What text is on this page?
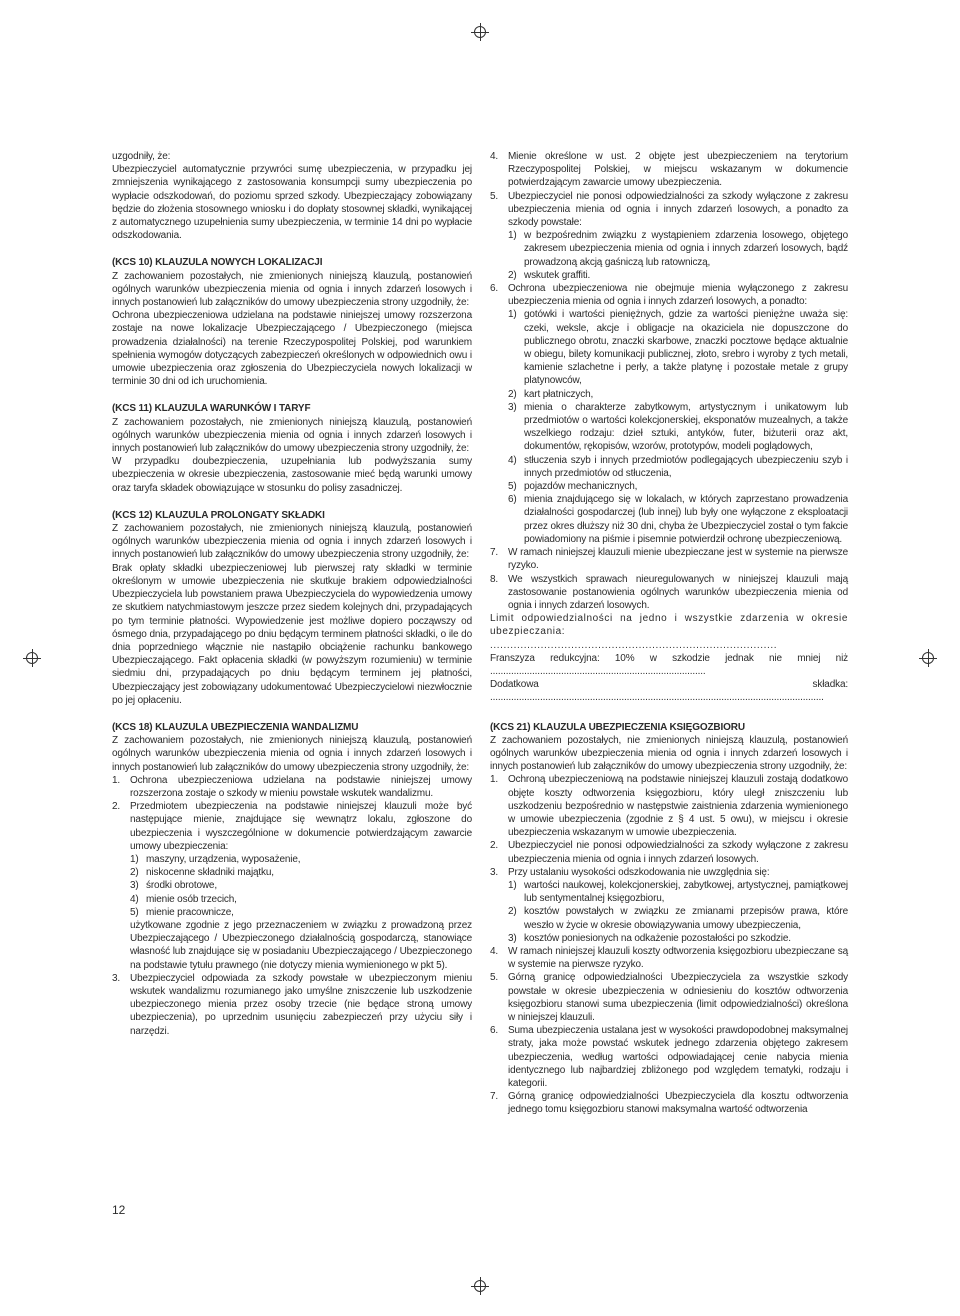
uzgodniły, że:

Ubezpieczyciel automatycznie przywróci sumę ubezpieczenia, w przypadku jej zmniejszenia wynikającego z zastosowania konsumpcji sumy ubezpieczenia po wypłacie odszkodowań, do poziomu sprzed szkody. Ubezpieczający zobowiązany będzie do złożenia stosownego wniosku i do dopłaty stosownej składki, wynikającej z automatycznego uzupełnienia sumy ubezpieczenia, w terminie 14 dni po wypłacie odszkodowania.

(KCS 10) KLAUZULA NOWYCH LOKALIZACJI

Z zachowaniem pozostałych, nie zmienionych niniejszą klauzulą, postanowień ogólnych warunków ubezpieczenia mienia od ognia i innych zdarzeń losowych i innych postanowień lub załączników do umowy ubezpieczenia strony uzgodniły, że:

Ochrona ubezpieczeniowa udzielana na podstawie niniejszej umowy rozszerzona zostaje na nowe lokalizacje Ubezpieczającego / Ubezpieczonego (miejsca prowadzenia działalności) na terenie Rzeczypospolitej Polskiej, pod warunkiem spełnienia wymogów dotyczących zabezpieczeń określonych w odpowiednich owu i umowie ubezpieczenia oraz zgłoszenia do Ubezpieczyciela nowych lokalizacji w terminie 30 dni od ich uruchomienia.

(KCS 11) KLAUZULA WARUNKÓW I TARYF

Z zachowaniem pozostałych, nie zmienionych niniejszą klauzulą, postanowień ogólnych warunków ubezpieczenia mienia od ognia i innych zdarzeń losowych i innych postanowień lub załączników do umowy ubezpieczenia strony uzgodniły, że:

W przypadku doubezpieczenia, uzupełniania lub podwyższania sumy ubezpieczenia w okresie ubezpieczenia, zastosowanie mieć będą warunki umowy oraz taryfa składek obowiązujące w stosunku do polisy zasadniczej.

(KCS 12) KLAUZULA PROLONGATY SKŁADKI

Z zachowaniem pozostałych, nie zmienionych niniejszą klauzulą, postanowień ogólnych warunków ubezpieczenia mienia od ognia i innych zdarzeń losowych i innych postanowień lub załączników do umowy ubezpieczenia strony uzgodniły, że:

Brak opłaty składki ubezpieczeniowej lub pierwszej raty składki w terminie określonym w umowie ubezpieczenia nie skutkuje brakiem odpowiedzialności Ubezpieczyciela lub powstaniem prawa Ubezpieczyciela do wypowiedzenia umowy ze skutkiem natychmiastowym jeszcze przez siedem kolejnych dni, przypadających po tym terminie płatności. Wypowiedzenie jest możliwe dopiero począwszy od ósmego dnia, przypadającego po dniu będącym terminem płatności składki, o ile do dnia poprzedniego włącznie nie nastąpiło obciążenie rachunku bankowego Ubezpieczającego. Fakt opłacenia składki (w powyższym rozumieniu) w terminie siedmiu dni, przypadających po dniu będącym terminem jej płatności, Ubezpieczający jest zobowiązany udokumentować Ubezpieczycielowi niezwłocznie po jej opłaceniu.

(KCS 18) KLAUZULA UBEZPIECZENIA WANDALIZMU

Z zachowaniem pozostałych, nie zmienionych niniejszą klauzulą, postanowień ogólnych warunków ubezpieczenia mienia od ognia i innych zdarzeń losowych i innych postanowień lub załączników do umowy ubezpieczenia strony uzgodniły, że:

1. Ochrona ubezpieczeniowa udzielana na podstawie niniejszej umowy rozszerzona zostaje o szkody w mieniu powstałe wskutek wandalizmu.
2. Przedmiotem ubezpieczenia na podstawie niniejszej klauzuli może być następujące mienie, znajdujące się wewnątrz lokalu, zgłoszone do ubezpieczenia i wyszczególnione w dokumencie potwierdzającym zawarcie umowy ubezpieczenia:
1) maszyny, urządzenia, wyposażenie,
2) niskocenne składniki majątku,
3) środki obrotowe,
4) mienie osób trzecich,
5) mienie pracownicze,
użytkowane zgodnie z jego przeznaczeniem w związku z prowadzoną przez Ubezpieczającego / Ubezpieczonego działalnością gospodarczą, stanowiące własność lub znajdujące się w posiadaniu Ubezpieczającego / Ubezpieczonego na podstawie tytułu prawnego (nie dotyczy mienia wymienionego w pkt 5).
3. Ubezpieczyciel odpowiada za szkody powstałe w ubezpieczonym mieniu wskutek wandalizmu rozumianego jako umyślne zniszczenie lub uszkodzenie ubezpieczonego mienia przez osoby trzecie (nie będące stroną umowy ubezpieczenia), po uprzednim usunięciu zabezpieczeń przy użyciu siły i narzędzi.
4. Mienie określone w ust. 2 objęte jest ubezpieczeniem na terytorium Rzeczypospolitej Polskiej, w miejscu wskazanym w dokumencie potwierdzającym zawarcie umowy ubezpieczenia.
5. Ubezpieczyciel nie ponosi odpowiedzialności za szkody wyłączone z zakresu ubezpieczenia mienia od ognia i innych zdarzeń losowych, a ponadto za szkody powstałe:
1) w bezpośrednim związku z wystąpieniem zdarzenia losowego, objętego zakresem ubezpieczenia mienia od ognia i innych zdarzeń losowych, bądź prowadzoną akcją gaśniczą lub ratowniczą,
2) wskutek graffiti.
6. Ochrona ubezpieczeniowa nie obejmuje mienia wyłączonego z zakresu ubezpieczenia mienia od ognia i innych zdarzeń losowych, a ponadto:
1) gotówki i wartości pieniężnych, gdzie za wartości pieniężne uważa się: czeki, weksle, akcje i obligacje na okaziciela nie dopuszczone do publicznego obrotu, znaczki skarbowe, znaczki pocztowe będące aktualnie w obiegu, bilety komunikacji publicznej, złoto, srebro i wyroby z tych metali, kamienie szlachetne i perły, a także platynę i pozostałe metale z grupy platynowców,
2) kart płatniczych,
3) mienia o charakterze zabytkowym, artystycznym i unikatowym lub przedmiotów o wartości kolekcjonerskiej, eksponatów muzealnych, a także wszelkiego rodzaju: dzieł sztuki, antyków, futer, biżuterii oraz akt, dokumentów, rękopisów, wzorów, prototypów, modeli poglądowych,
4) stłuczenia szyb i innych przedmiotów podlegających ubezpieczeniu szyb i innych przedmiotów od stłuczenia,
5) pojazdów mechanicznych,
6) mienia znajdującego się w lokalach, w których zaprzestano prowadzenia działalności gospodarczej (lub innej) lub były one wyłączone z eksploatacji przez okres dłuższy niż 30 dni, chyba że Ubezpieczyciel został o tym fakcie powiadomiony na piśmie i pisemnie potwierdził ochronę ubezpieczeniową.
7. W ramach niniejszej klauzuli mienie ubezpieczane jest w systemie na pierwsze ryzyko.
8. We wszystkich sprawach nieuregulowanych w niniejszej klauzuli mają zastosowanie postanowienia ogólnych warunków ubezpieczenia mienia od ognia i innych zdarzeń losowych.

Limit odpowiedzialności na jedno i wszystkie zdarzenia w okresie ubezpieczania: .....................................................................................

Franszyza redukcyjna: 10% w szkodzie jednak nie mniej niż ..................................................................................

Dodatkowa składka: ...............................................................................................................................

(KCS 21) KLAUZULA UBEZPIECZENIA KSIĘGOZBIORU

Z zachowaniem pozostałych, nie zmienionych niniejszą klauzulą, postanowień ogólnych warunków ubezpieczenia mienia od ognia i innych zdarzeń losowych i innych postanowień lub załączników do umowy ubezpieczenia strony uzgodniły, że:

1. Ochroną ubezpieczeniową na podstawie niniejszej klauzuli zostają dodatkowo objęte koszty odtworzenia księgozbioru, który uległ zniszczeniu lub uszkodzeniu bezpośrednio w następstwie zaistnienia zdarzenia wymienionego w umowie ubezpieczenia (zgodnie z § 4 ust. 5 owu), w miejscu i okresie ubezpieczenia wskazanym w umowie ubezpieczenia.
2. Ubezpieczyciel nie ponosi odpowiedzialności za szkody wyłączone z zakresu ubezpieczenia mienia od ognia i innych zdarzeń losowych.
3. Przy ustalaniu wysokości odszkodowania nie uwzględnia się:
1) wartości naukowej, kolekcjonerskiej, zabytkowej, artystycznej, pamiątkowej lub sentymentalnej księgozbioru,
2) kosztów powstałych w związku ze zmianami przepisów prawa, które weszło w życie w okresie obowiązywania umowy ubezpieczenia,
3) kosztów poniesionych na odkażenie pozostałości po szkodzie.
4. W ramach niniejszej klauzuli koszty odtworzenia księgozbioru ubezpieczane są w systemie na pierwsze ryzyko.
5. Górną granicę odpowiedzialności Ubezpieczyciela za wszystkie szkody powstałe w okresie ubezpieczenia w odniesieniu do kosztów odtworzenia księgozbioru stanowi suma ubezpieczenia (limit odpowiedzialności) określona w niniejszej klauzuli.
6. Suma ubezpieczenia ustalana jest w wysokości prawdopodobnej maksymalnej straty, jaka może powstać wskutek jednego zdarzenia objętego zakresem ubezpieczenia, według wartości odpowiadającej cenie nabycia mienia identycznego lub najbardziej zbliżonego pod względem tematyki, rodzaju i kategorii.
7. Górną granicę odpowiedzialności Ubezpieczyciela dla kosztu odtworzenia jednego tomu księgozbioru stanowi maksymalna wartość odtworzenia
12
